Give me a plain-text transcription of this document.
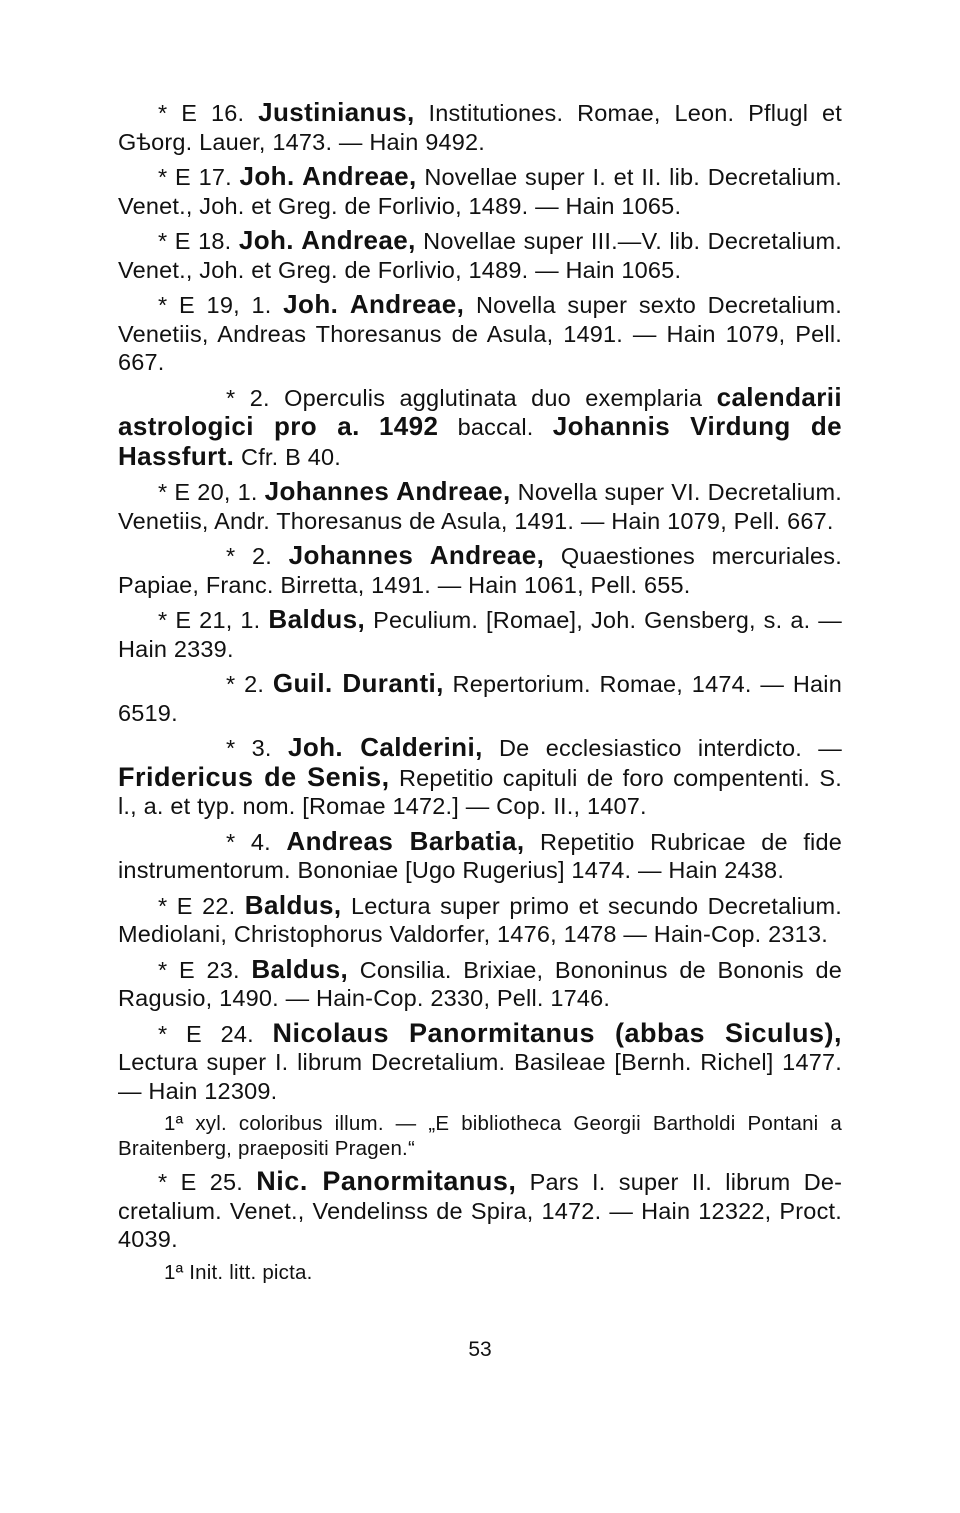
* E 16. Justinianus, Institutiones. Romae, Leon. Pflugl et Gѣorg. Lauer, 1473. — Hain 9492.

* E 17. Joh. Andreae, Novellae super I. et II. lib. Decretalium. Venet., Joh. et Greg. de Forlivio, 1489. — Hain 1065.

* E 18. Joh. Andreae, Novellae super III.—V. lib. Decretalium. Venet., Joh. et Greg. de Forlivio, 1489. — Hain 1065.

* E 19, 1. Joh. Andreae, Novella super sexto Decretalium. Venetiis, Andreas Thoresanus de Asula, 1491. — Hain 1079, Pell. 667.

* 2. Operculis agglutinata duo exemplaria calendarii astrologici pro a. 1492 baccal. Johannis Virdung de Hassfurt. Cfr. B 40.

* E 20, 1. Johannes Andreae, Novella super VI. Decretalium. Venetiis, Andr. Thoresanus de Asula, 1491. — Hain 1079, Pell. 667.

* 2. Johannes Andreae, Quaestiones mercuriales. Papiae, Franc. Birretta, 1491. — Hain 1061, Pell. 655.

* E 21, 1. Baldus, Peculium. [Romae], Joh. Gensberg, s. a. — Hain 2339.

* 2. Guil. Duranti, Repertorium. Romae, 1474. — Hain 6519.

* 3. Joh. Calderini, De ecclesiastico interdicto. — Fridericus de Senis, Repetitio capituli de foro compententi. S. l., a. et typ. nom. [Romae 1472.] — Cop. II., 1407.

* 4. Andreas Barbatia, Repetitio Rubricae de fide instrumentorum. Bononiae [Ugo Rugerius] 1474. — Hain 2438.

* E 22. Baldus, Lectura super primo et secundo Decretalium. Mediolani, Christophorus Valdorfer, 1476, 1478 — Hain-Cop. 2313.

* E 23. Baldus, Consilia. Brixiae, Bononinus de Bononis de Ragusio, 1490. — Hain-Cop. 2330, Pell. 1746.

* E 24. Nicolaus Panormitanus (abbas Siculus), Lectura super I. librum Decretalium. Basileae [Bernh. Richel] 1477. — Hain 12309.

1ª xyl. coloribus illum. — „E bibliotheca Georgii Bartholdi Pontani a Braitenberg, praepositi Pragen.“

* E 25. Nic. Panormitanus, Pars I. super II. librum Decretalium. Venet., Vendelinss de Spira, 1472. — Hain 12322, Proct. 4039.

1ª Init. litt. picta.

53
